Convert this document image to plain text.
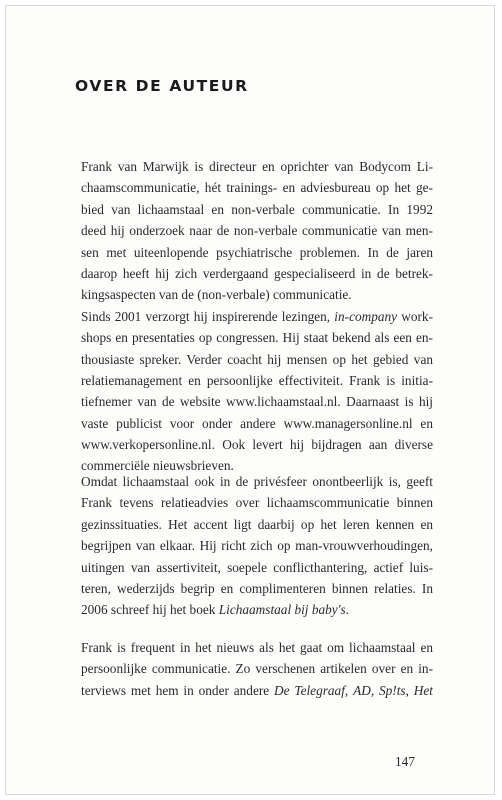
OVER DE AUTEUR
Frank van Marwijk is directeur en oprichter van Bodycom Li-
chaamscommunicatie, hét trainings- en adviesbureau op het ge-
bied van lichaamstaal en non-verbale communicatie. In 1992
deed hij onderzoek naar de non-verbale communicatie van men-
sen met uiteenlopende psychiatrische problemen. In de jaren
daarop heeft hij zich verdergaand gespecialiseerd in de betrek-
kingsaspecten van de (non-verbale) communicatie.
Sinds 2001 verzorgt hij inspirerende lezingen, in-company work-
shops en presentaties op congressen. Hij staat bekend als een en-
thousiaste spreker. Verder coacht hij mensen op het gebied van
relatiemanagement en persoonlijke effectiviteit. Frank is initia-
tiefnemer van de website www.lichaamstaal.nl. Daarnaast is hij
vaste publicist voor onder andere www.managersonline.nl en
www.verkopersonline.nl. Ook levert hij bijdragen aan diverse
commerciële nieuwsbrieven.
Omdat lichaamstaal ook in de privésfeer onontbeerlijk is, geeft
Frank tevens relatieadvies over lichaamscommunicatie binnen
gezinssituaties. Het accent ligt daarbij op het leren kennen en
begrijpen van elkaar. Hij richt zich op man-vrouwverhoudingen,
uitingen van assertiviteit, soepele conflicthantering, actief luis-
teren, wederzijds begrip en complimenteren binnen relaties. In
2006 schreef hij het boek Lichaamstaal bij baby's.
Frank is frequent in het nieuws als het gaat om lichaamstaal en
persoonlijke communicatie. Zo verschenen artikelen over en in-
terviews met hem in onder andere De Telegraaf, AD, Sp!ts, Het
147
